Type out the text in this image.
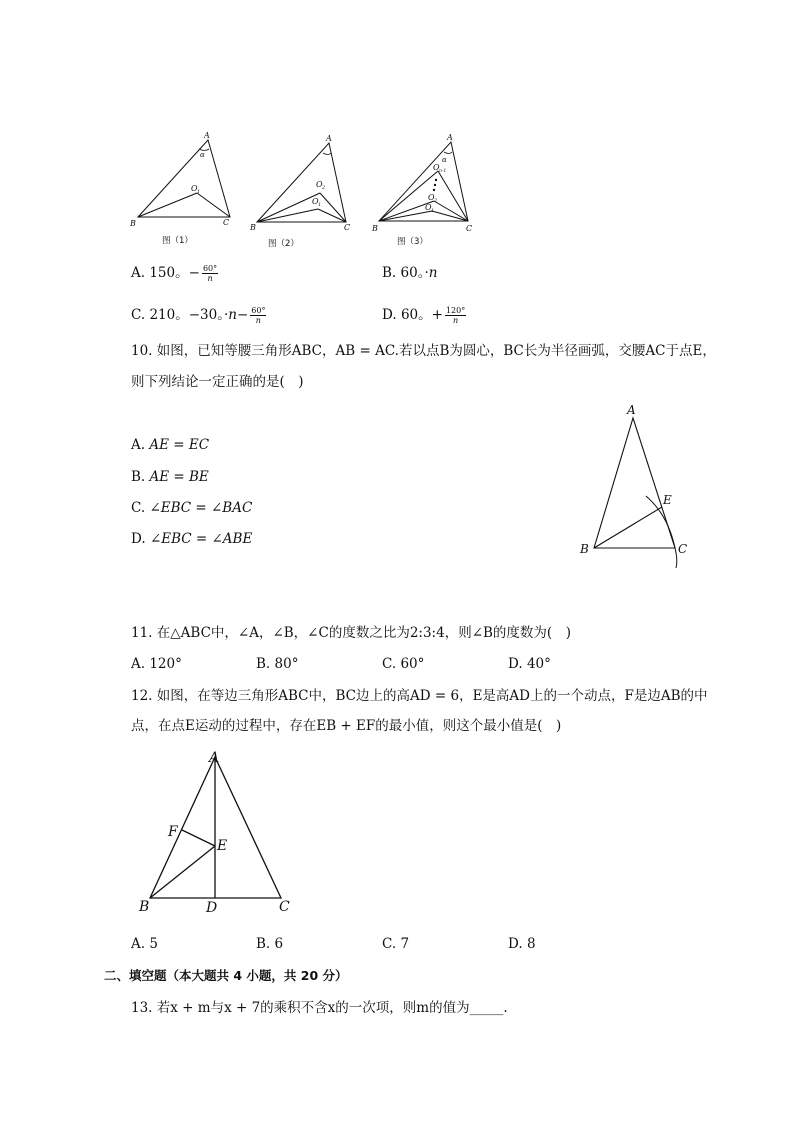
A
α
O 1
B	C
图（1）
A
O 2
O 1
B	C
图（2）
A
α
O n-1
O 2
O 1
B	C
图（3）
A. 150。− $\frac{60^\circ}{n}$	B. 60。·n
C. 210。−30。$\cdot n- \frac{60^\circ}{n}$	D. 60。+ $\frac{120^\circ}{n}$
10. 如图，已知等腰三角形ABC，AB = AC.若以点B为圆心，BC长为半径画弧，交腰AC于点E，
则下列结论一定正确的是(　)
A. AE = EC
B. AE = BE
C. ∠EBC = ∠BAC
D. ∠EBC = ∠ABE
A
B	C
E
11. 在△ABC中，∠A，∠B，∠C的度数之比为2:3:4，则∠B的度数为(　)
A. 120°	B. 80°	C. 60°	D. 40°
12. 如图，在等边三角形ABC中，BC边上的高AD = 6，E是高AD上的一个动点，F是边AB的中
点，在点E运动的过程中，存在EB + EF的最小值，则这个最小值是(　)
A
B	C
D
E
F
A. 5	B. 6	C. 7	D. 8
二、填空题（本大题共 4 小题，共 20 分）
13. 若x + m与x + 7的乘积不含x的一次项，则m的值为_____.
